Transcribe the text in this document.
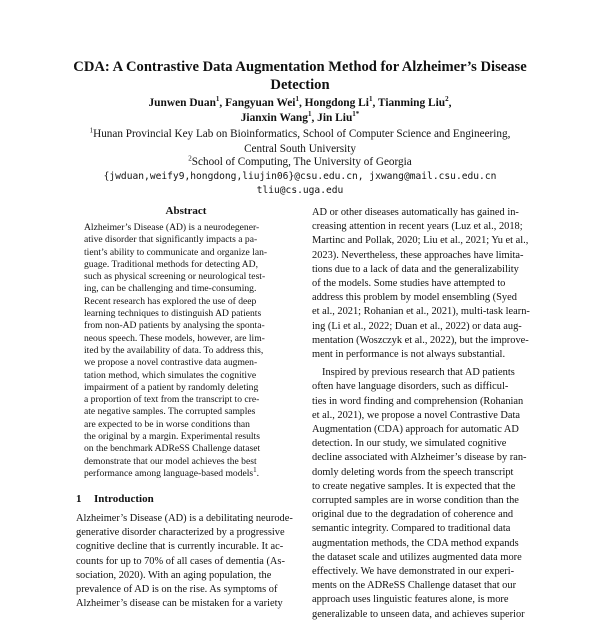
CDA: A Contrastive Data Augmentation Method for Alzheimer’s Disease
Detection
Junwen Duan$^1$, Fangyuan Wei$^1$, Hongdong Li$^1$, Tianming Liu$^2$,
Jianxin Wang$^1$, Jin Liu$^{1*}$
$^1$Hunan Provincial Key Lab on Bioinformatics, School of Computer Science and Engineering,
Central South University
$^2$School of Computing, The University of Georgia
{jwduan,weify9,hongdong,liujin06}@csu.edu.cn, jxwang@mail.csu.edu.cn
tliu@cs.uga.edu
Abstract
Alzheimer’s Disease (AD) is a neurodegener-
ative disorder that significantly impacts a pa-
tient’s ability to communicate and organize lan-
guage. Traditional methods for detecting AD,
such as physical screening or neurological test-
ing, can be challenging and time-consuming.
Recent research has explored the use of deep
learning techniques to distinguish AD patients
from non-AD patients by analysing the sponta-
neous speech. These models, however, are lim-
ited by the availability of data. To address this,
we propose a novel contrastive data augmen-
tation method, which simulates the cognitive
impairment of a patient by randomly deleting
a proportion of text from the transcript to cre-
ate negative samples. The corrupted samples
are expected to be in worse conditions than
the original by a margin. Experimental results
on the benchmark ADReSS Challenge dataset
demonstrate that our model achieves the best
performance among language-based models$^1$.
1 Introduction
Alzheimer’s Disease (AD) is a debilitating neurode-
generative disorder characterized by a progressive
cognitive decline that is currently incurable. It ac-
counts for up to 70% of all cases of dementia (As-
sociation, 2020). With an aging population, the
prevalence of AD is on the rise. As symptoms of
Alzheimer’s disease can be mistaken for a variety
AD or other diseases automatically has gained in-
creasing attention in recent years (Luz et al., 2018;
Martinc and Pollak, 2020; Liu et al., 2021; Yu et al.,
2023). Nevertheless, these approaches have limita-
tions due to a lack of data and the generalizability
of the models. Some studies have attempted to
address this problem by model ensembling (Syed
et al., 2021; Rohanian et al., 2021), multi-task learn-
ing (Li et al., 2022; Duan et al., 2022) or data aug-
mentation (Woszczyk et al., 2022), but the improve-
ment in performance is not always substantial.
Inspired by previous research that AD patients
often have language disorders, such as difficul-
ties in word finding and comprehension (Rohanian
et al., 2021), we propose a novel Contrastive Data
Augmentation (CDA) approach for automatic AD
detection. In our study, we simulated cognitive
decline associated with Alzheimer’s disease by ran-
domly deleting words from the speech transcript
to create negative samples. It is expected that the
corrupted samples are in worse condition than the
original due to the degradation of coherence and
semantic integrity. Compared to traditional data
augmentation methods, the CDA method expands
the dataset scale and utilizes augmented data more
effectively. We have demonstrated in our experi-
ments on the ADReSS Challenge dataset that our
approach uses linguistic features alone, is more
generalizable to unseen data, and achieves superior
